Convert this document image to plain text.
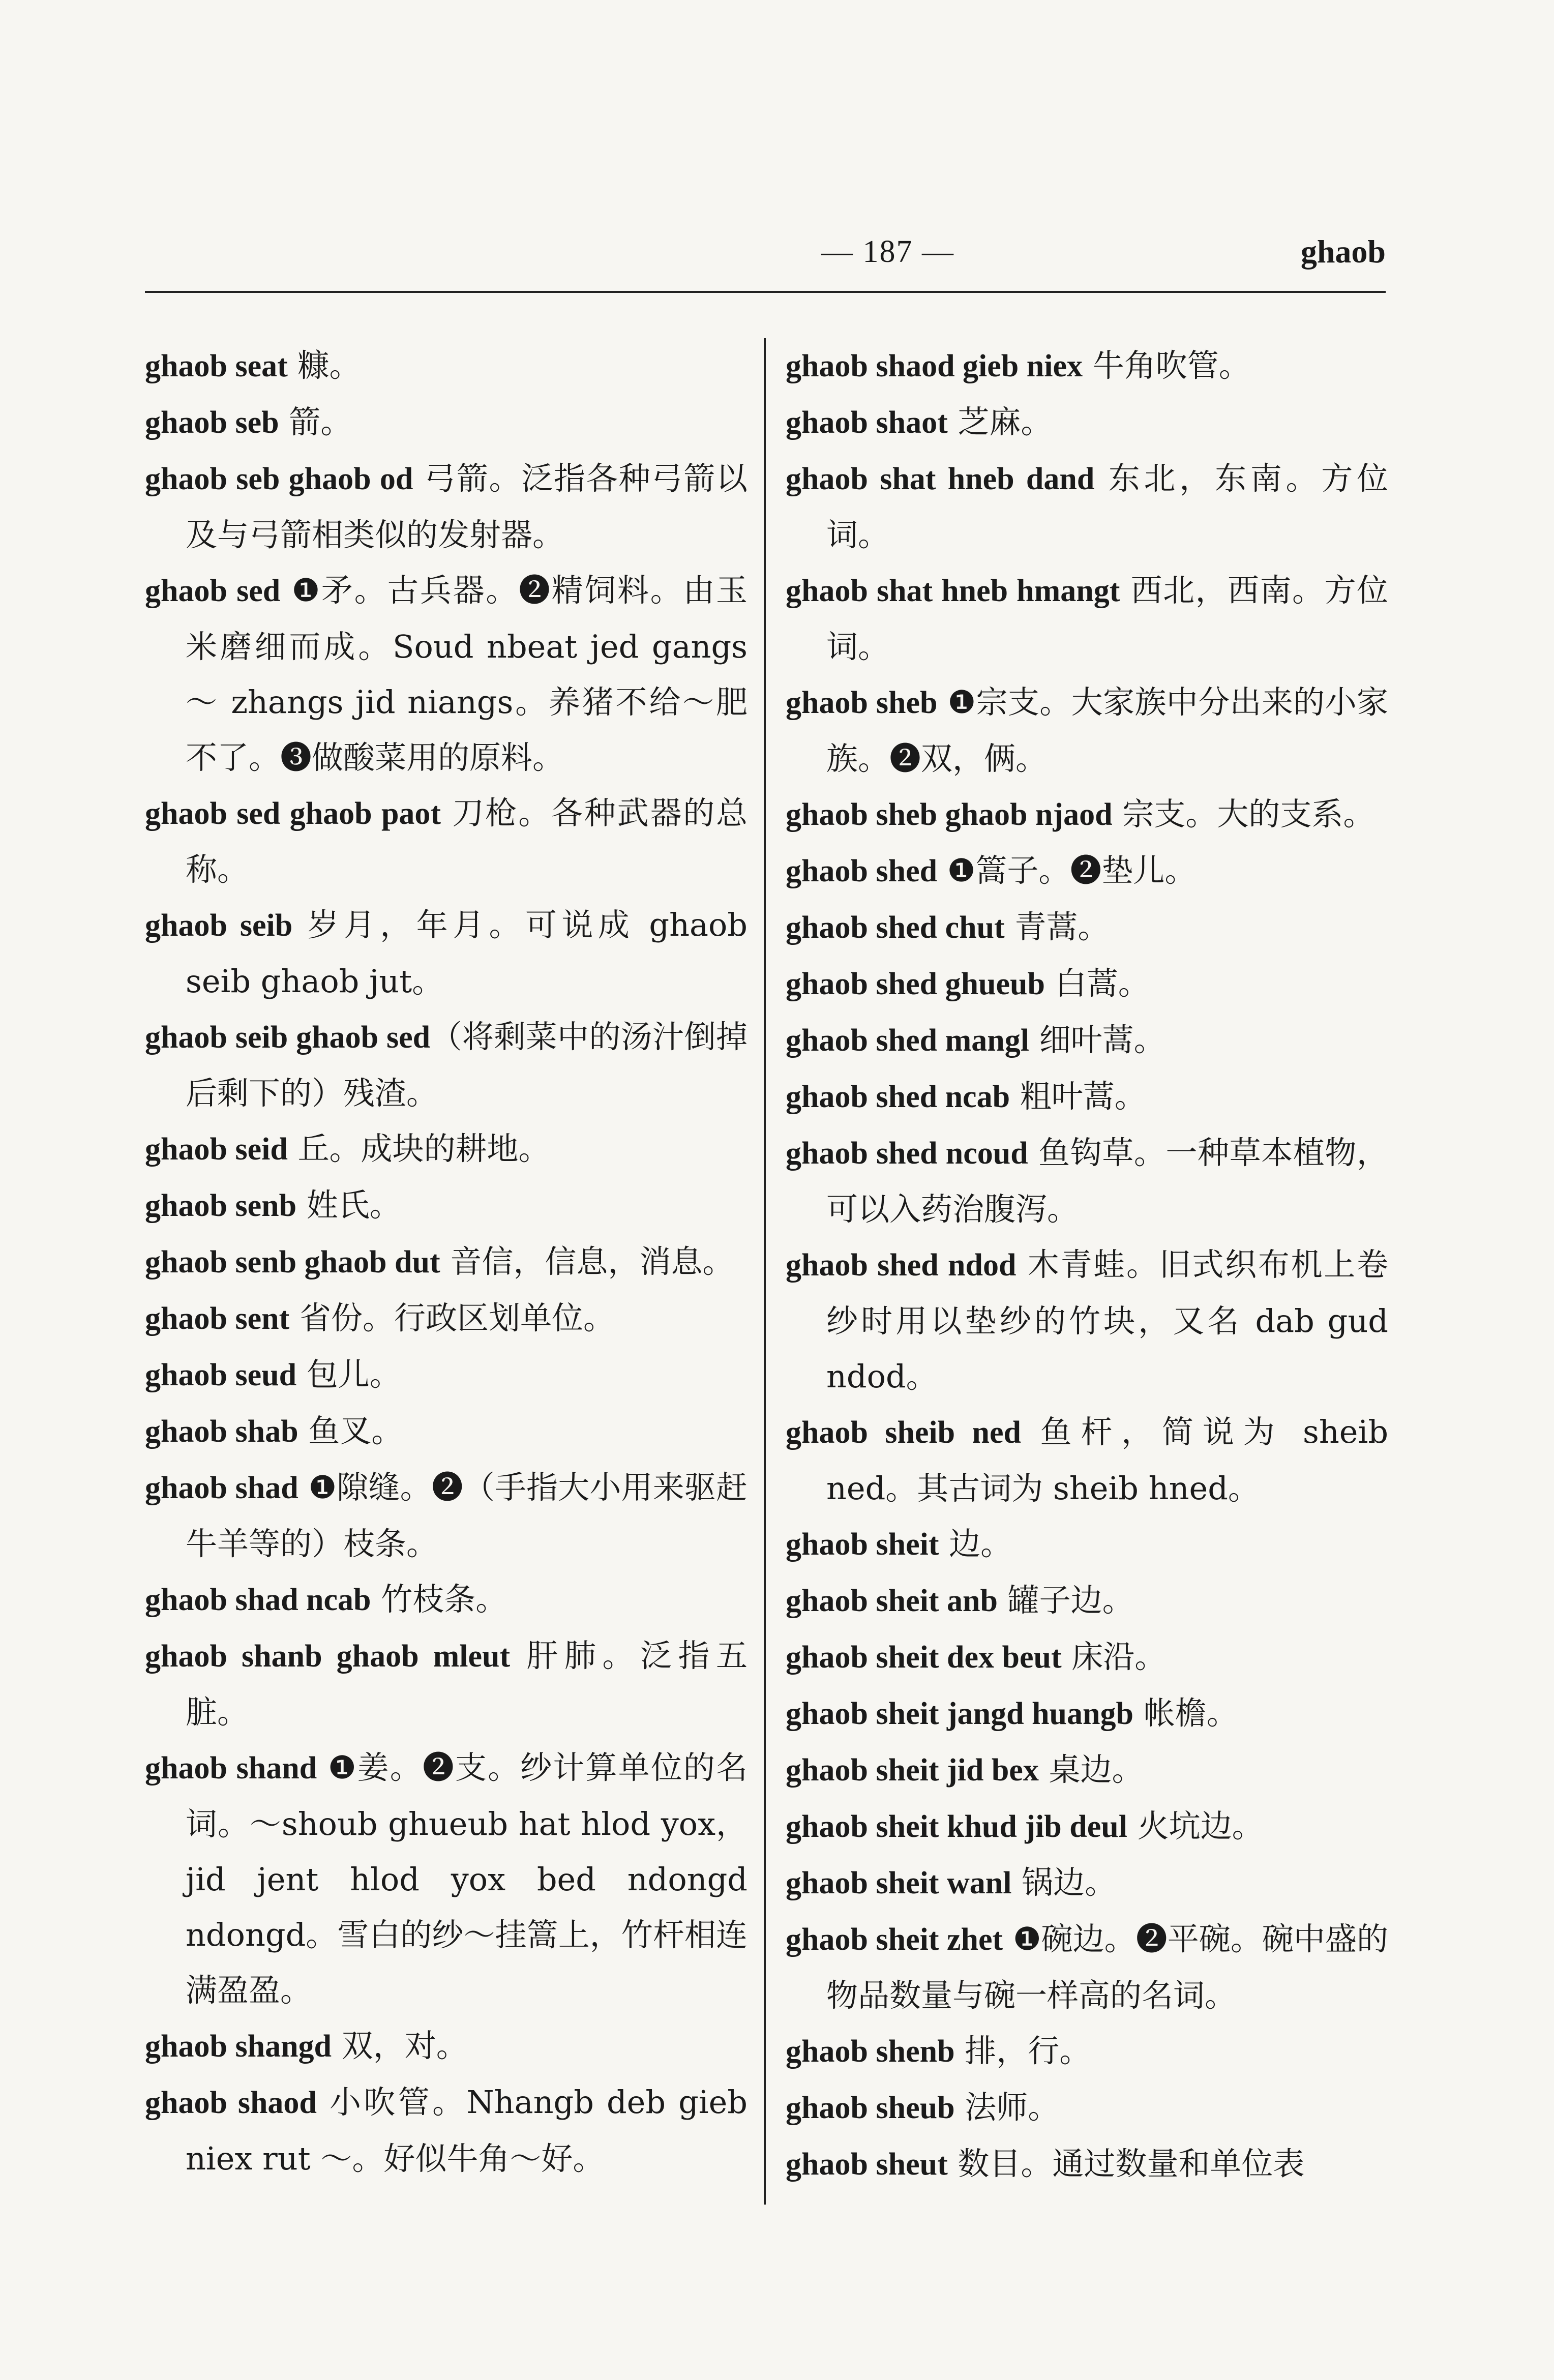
— 187 —	ghaob
ghaob seat 糠。
ghaob seb 箭。
ghaob seb ghaob od 弓箭。泛指各种弓箭以及与弓箭相类似的发射器。
ghaob sed ❶矛。古兵器。❷精饲料。由玉米磨细而成。Soud nbeat jed gangs ～ zhangs jid niangs。养猪不给～肥不了。❸做酸菜用的原料。
ghaob sed ghaob paot 刀枪。各种武器的总称。
ghaob seib 岁月，年月。可说成 ghaob seib ghaob jut。
ghaob seib ghaob sed（将剩菜中的汤汁倒掉后剩下的）残渣。
ghaob seid 丘。成块的耕地。
ghaob senb 姓氏。
ghaob senb ghaob dut 音信，信息，消息。
ghaob sent 省份。行政区划单位。
ghaob seud 包儿。
ghaob shab 鱼叉。
ghaob shad ❶隙缝。❷（手指大小用来驱赶牛羊等的）枝条。
ghaob shad ncab 竹枝条。
ghaob shanb ghaob mleut 肝肺。泛指五脏。
ghaob shand ❶姜。❷支。纱计算单位的名词。～shoub ghueub hat hlod yox，jid jent hlod yox bed ndongd ndongd。雪白的纱～挂篙上，竹杆相连满盈盈。
ghaob shangd 双，对。
ghaob shaod 小吹管。Nhangb deb gieb niex rut ～。好似牛角～好。
ghaob shaod gieb niex 牛角吹管。
ghaob shaot 芝麻。
ghaob shat hneb dand 东北，东南。方位词。
ghaob shat hneb hmangt 西北，西南。方位词。
ghaob sheb ❶宗支。大家族中分出来的小家族。❷双，俩。
ghaob sheb ghaob njaod 宗支。大的支系。
ghaob shed ❶篙子。❷垫儿。
ghaob shed chut 青蒿。
ghaob shed ghueub 白蒿。
ghaob shed mangl 细叶蒿。
ghaob shed ncab 粗叶蒿。
ghaob shed ncoud 鱼钩草。一种草本植物，可以入药治腹泻。
ghaob shed ndod 木青蛙。旧式织布机上卷纱时用以垫纱的竹块，又名 dab gud ndod。
ghaob sheib ned 鱼杆，简说为 sheib ned。其古词为 sheib hned。
ghaob sheit 边。
ghaob sheit anb 罐子边。
ghaob sheit dex beut 床沿。
ghaob sheit jangd huangb 帐檐。
ghaob sheit jid bex 桌边。
ghaob sheit khud jib deul 火坑边。
ghaob sheit wanl 锅边。
ghaob sheit zhet ❶碗边。❷平碗。碗中盛的物品数量与碗一样高的名词。
ghaob shenb 排，行。
ghaob sheub 法师。
ghaob sheut 数目。通过数量和单位表
